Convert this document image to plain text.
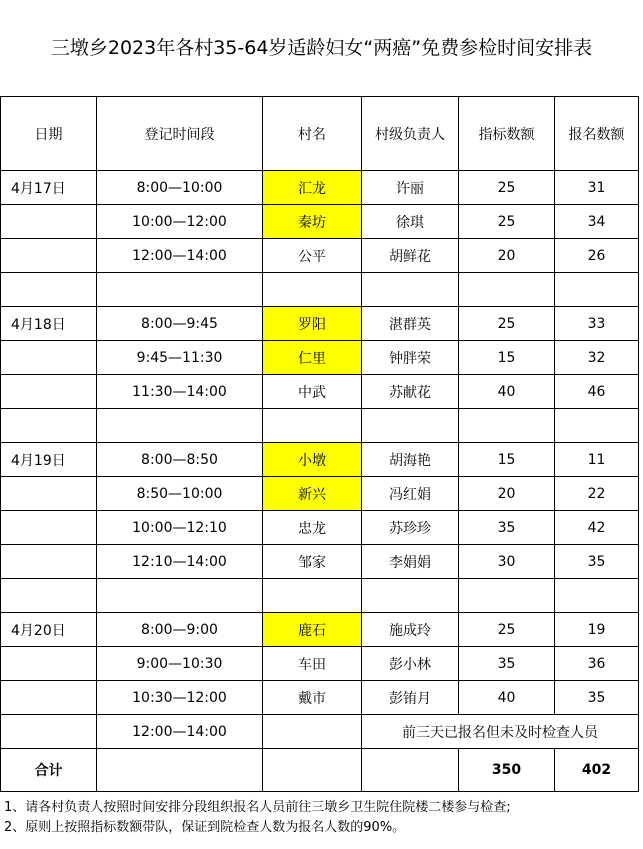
三墩乡2023年各村35-64岁适龄妇女“两癌”免费参检时间安排表
日期	登记时间段	村名	村级负责人	指标数额	报名数额
4月17日	8:00—10:00	汇龙	许丽	25	31
	10:00—12:00	秦坊	徐琪	25	34
	12:00—14:00	公平	胡鲜花	20	26

4月18日	8:00—9:45	罗阳	湛群英	25	33
	9:45—11:30	仁里	钟胖荣	15	32
	11:30—14:00	中武	苏献花	40	46

4月19日	8:00—8:50	小墩	胡海艳	15	11
	8:50—10:00	新兴	冯红娟	20	22
	10:00—12:10	忠龙	苏珍珍	35	42
	12:10—14:00	邹家	李娟娟	30	35

4月20日	8:00—9:00	鹿石	施成玲	25	19
	9:00—10:30	车田	彭小林	35	36
	10:30—12:00	戴市	彭铕月	40	35
	12:00—14:00		前三天已报名但未及时检查人员		
合计				350	402
1、请各村负责人按照时间安排分段组织报名人员前往三墩乡卫生院住院楼二楼参与检查;
2、原则上按照指标数额带队，保证到院检查人数为报名人数的90%。
